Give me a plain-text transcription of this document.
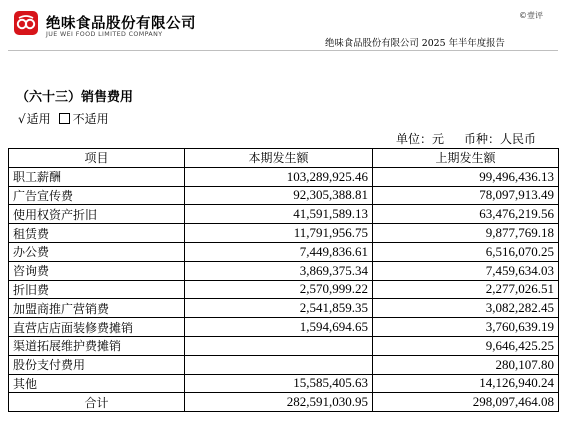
绝味食品股份有限公司
JUE WEI FOOD LIMITED COMPANY
©壹评
绝味食品股份有限公司 2025 年半年度报告
（六十三）销售费用
√ 适用 不适用
单位：元 币种：人民币
项目	本期发生额	上期发生额
职工薪酬	103,289,925.46	99,496,436.13
广告宣传费	92,305,388.81	78,097,913.49
使用权资产折旧	41,591,589.13	63,476,219.56
租赁费	11,791,956.75	9,877,769.18
办公费	7,449,836.61	6,516,070.25
咨询费	3,869,375.34	7,459,634.03
折旧费	2,570,999.22	2,277,026.51
加盟商推广营销费	2,541,859.35	3,082,282.45
直营店店面装修费摊销	1,594,694.65	3,760,639.19
渠道拓展维护费摊销		9,646,425.25
股份支付费用		280,107.80
其他	15,585,405.63	14,126,940.24
合计	282,591,030.95	298,097,464.08
